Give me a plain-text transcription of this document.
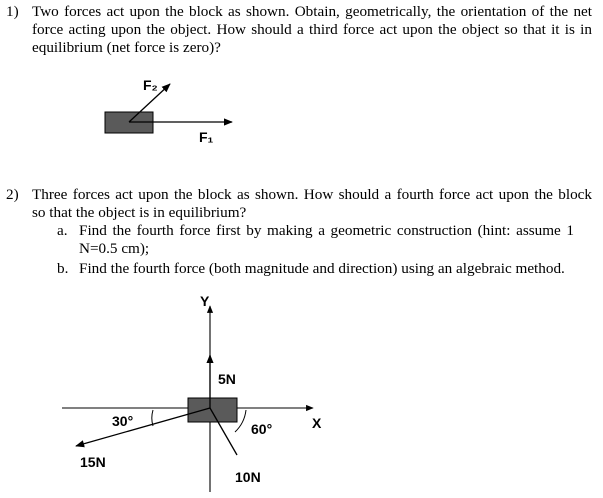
1) Two forces act upon the block as shown. Obtain, geometrically, the orientation of the net
force acting upon the object. How should a third force act upon the object so that it is in
equilibrium (net force is zero)?
F₂
F₁
2) Three forces act upon the block as shown. How should a fourth force act upon the block
so that the object is in equilibrium?
a. Find the fourth force first by making a geometric construction (hint: assume 1
N=0.5 cm);
b. Find the fourth force (both magnitude and direction) using an algebraic method.
Y
X
5N
10N
60°
15N
30°
